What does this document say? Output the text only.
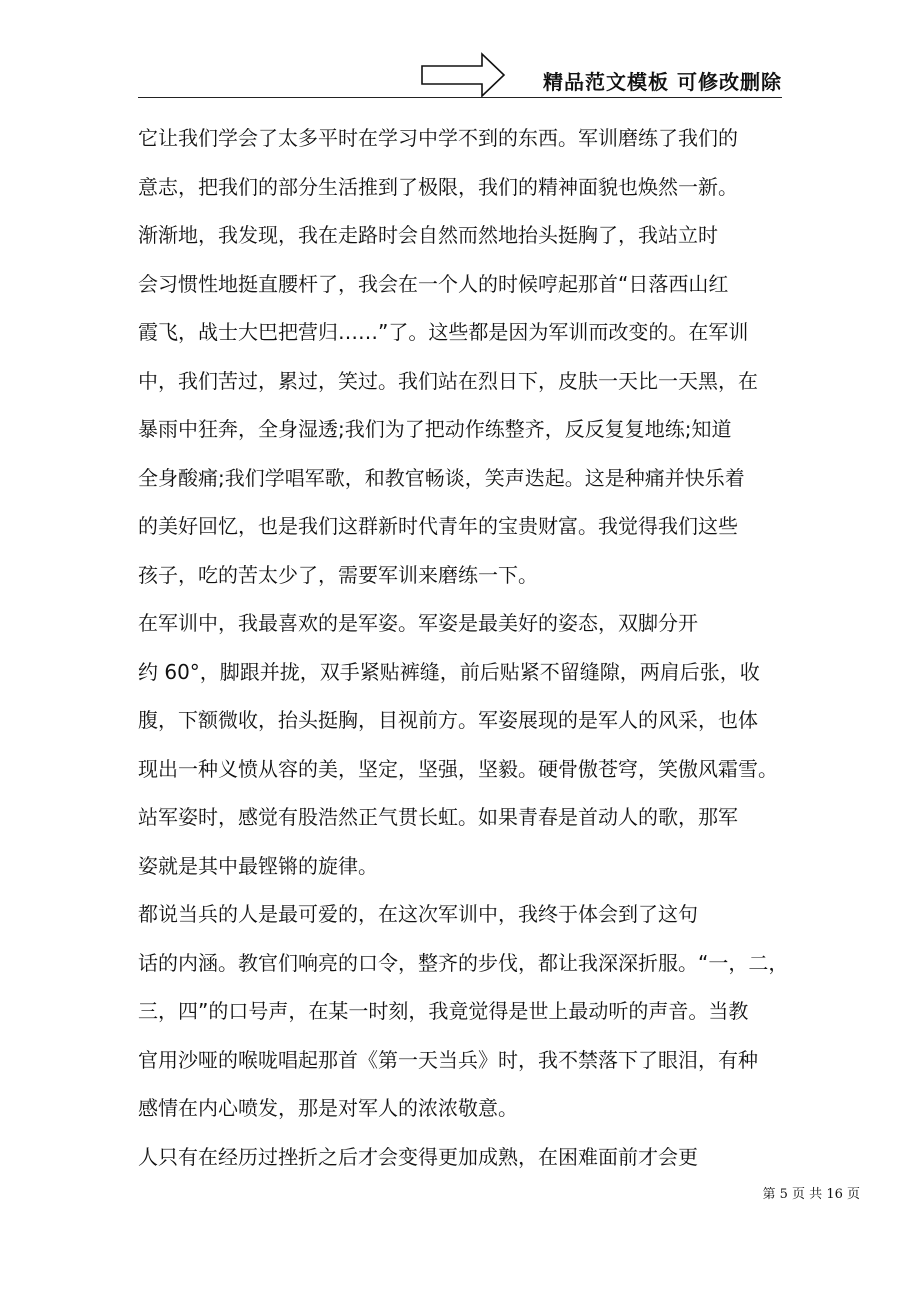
精品范文模板 可修改删除
它让我们学会了太多平时在学习中学不到的东西。军训磨练了我们的
意志，把我们的部分生活推到了极限，我们的精神面貌也焕然一新。
渐渐地，我发现，我在走路时会自然而然地抬头挺胸了，我站立时
会习惯性地挺直腰杆了，我会在一个人的时候哼起那首“日落西山红
霞飞，战士大巴把营归……”了。这些都是因为军训而改变的。在军训
中，我们苦过，累过，笑过。我们站在烈日下，皮肤一天比一天黑，在
暴雨中狂奔，全身湿透;我们为了把动作练整齐，反反复复地练;知道
全身酸痛;我们学唱军歌，和教官畅谈，笑声迭起。这是种痛并快乐着
的美好回忆，也是我们这群新时代青年的宝贵财富。我觉得我们这些
孩子，吃的苦太少了，需要军训来磨练一下。
在军训中，我最喜欢的是军姿。军姿是最美好的姿态，双脚分开
约 60°，脚跟并拢，双手紧贴裤缝，前后贴紧不留缝隙，两肩后张，收
腹，下额微收，抬头挺胸，目视前方。军姿展现的是军人的风采，也体
现出一种义愤从容的美，坚定，坚强，坚毅。硬骨傲苍穹，笑傲风霜雪。
站军姿时，感觉有股浩然正气贯长虹。如果青春是首动人的歌，那军
姿就是其中最铿锵的旋律。
都说当兵的人是最可爱的，在这次军训中，我终于体会到了这句
话的内涵。教官们响亮的口令，整齐的步伐，都让我深深折服。“一，二，
三，四”的口号声，在某一时刻，我竟觉得是世上最动听的声音。当教
官用沙哑的喉咙唱起那首《第一天当兵》时，我不禁落下了眼泪，有种
感情在内心喷发，那是对军人的浓浓敬意。
人只有在经历过挫折之后才会变得更加成熟，在困难面前才会更
第 5 页 共 16 页
